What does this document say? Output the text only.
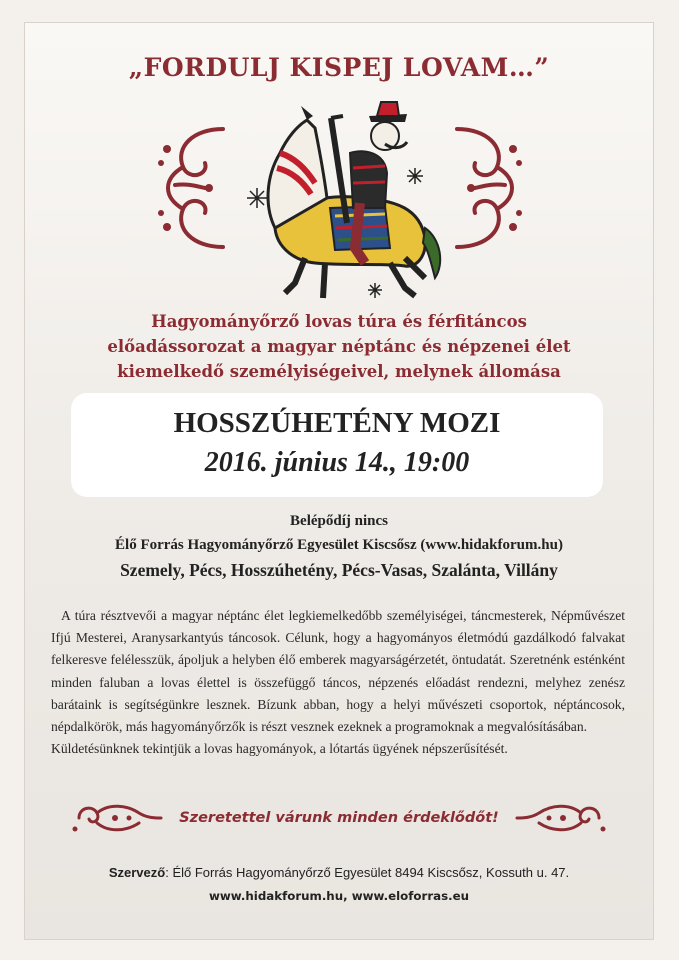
„FORDULJ KISPEJ LOVAM…”
Hagyományőrző lovas túra és férfitáncos
előadássorozat a magyar néptánc és népzenei élet
kiemelkedő személyiségeivel, melynek állomása
HOSSZÚHETÉNY MOZI
2016. június 14., 19:00
Belépődíj nincs
Élő Forrás Hagyományőrző Egyesület Kiscsősz (www.hidakforum.hu)
Szemely, Pécs, Hosszúhetény, Pécs-Vasas, Szalánta, Villány

A túra résztvevői a magyar néptánc élet legkiemelkedőbb személyiségei, táncmesterek, Népművészet Ifjú Mesterei, Aranysarkantyús táncosok. Célunk, hogy a hagyományos életmódú gazdálkodó falvakat felkeresve felélesszük, ápoljuk a helyben élő emberek magyarságérzetét, öntudatát. Szeretnénk esténként minden faluban a lovas élettel is összefüggő táncos, népzenés előadást rendezni, melyhez zenész barátaink is segítségünkre lesznek. Bízunk abban, hogy a helyi művészeti csoportok, néptáncosok, népdalkörök, más hagyományőrzők is részt vesznek ezeknek a programoknak a megvalósításában.

Küldetésünknek tekintjük a lovas hagyományok, a lótartás ügyének népszerűsítését.

Szeretettel várunk minden érdeklődőt!
Szervező: Élő Forrás Hagyományőrző Egyesület 8494 Kiscsősz, Kossuth u. 47.
www.hidakforum.hu, www.eloforras.eu
